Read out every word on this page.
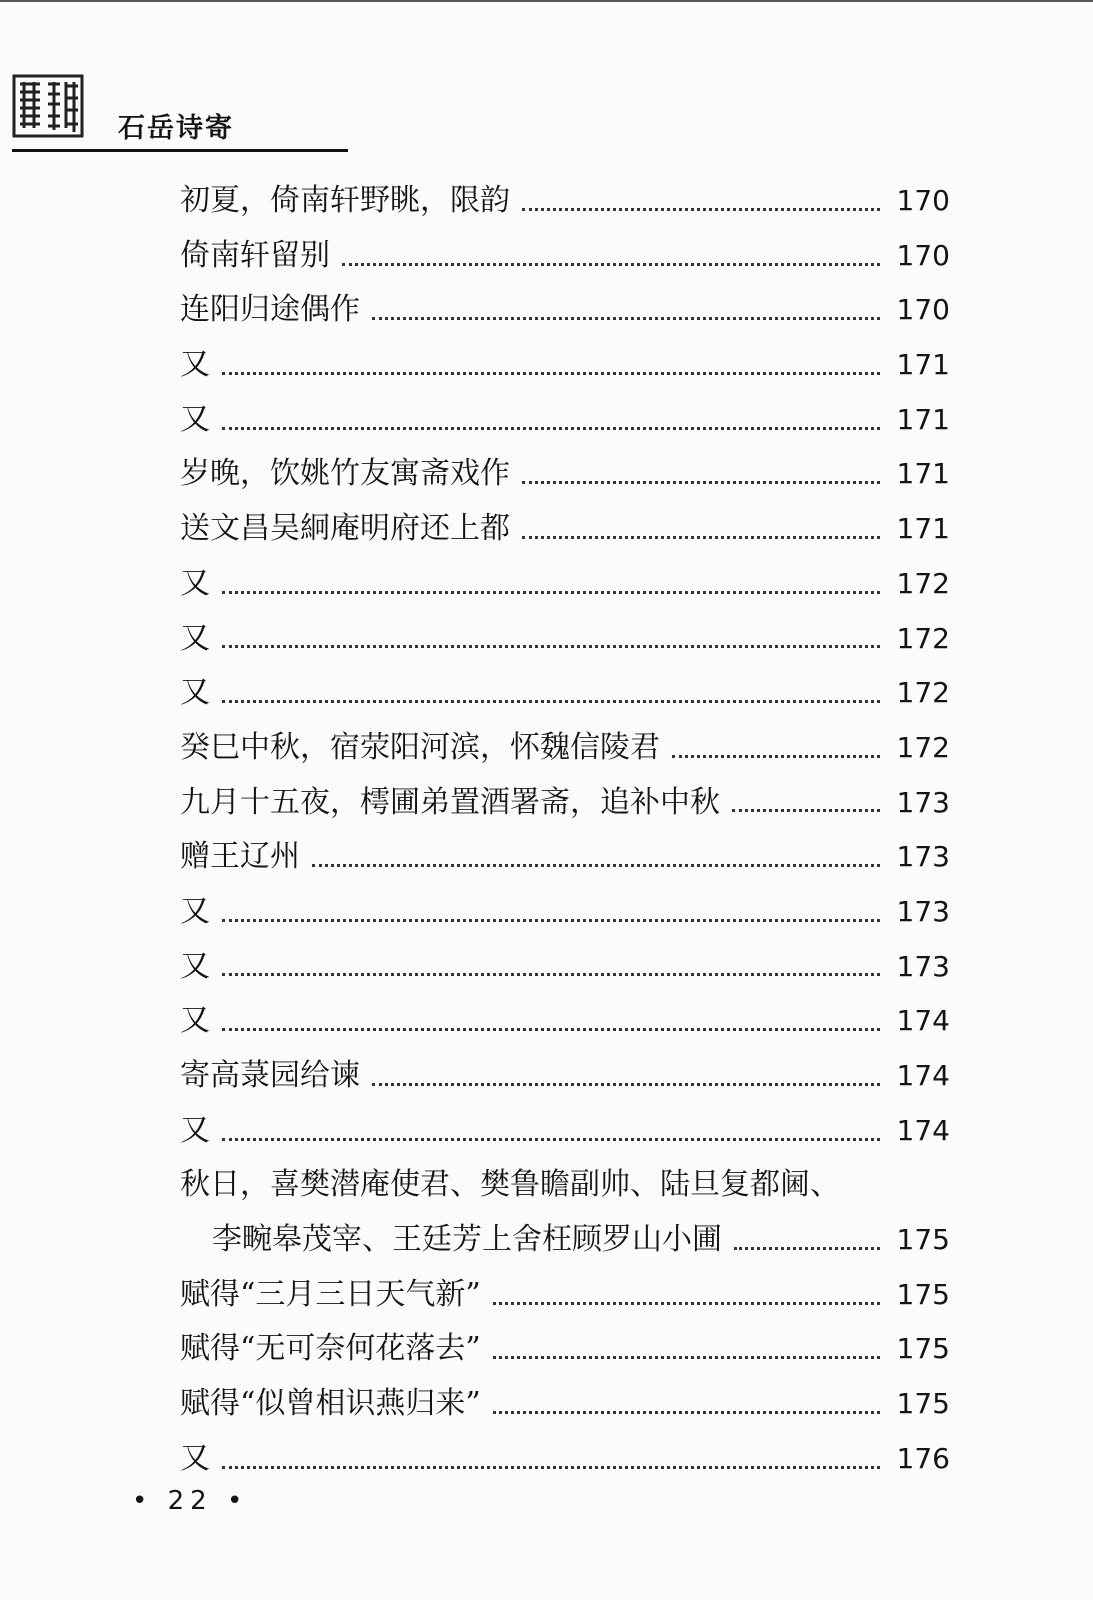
石岳诗寄
初夏，倚南轩野眺，限韵	170
倚南轩留别	170
连阳归途偶作	170
又	171
又	171
岁晚，饮姚竹友寓斋戏作	171
送文昌吴絅庵明府还上都	171
又	172
又	172
又	172
癸巳中秋，宿荥阳河滨，怀魏信陵君	172
九月十五夜，樗圃弟置酒署斋，追补中秋	173
赠王辽州	173
又	173
又	173
又	174
寄高菉园给谏	174
又	174
秋日，喜樊潜庵使君、樊鲁瞻副帅、陆旦复都阃、
李畹皋茂宰、王廷芳上舍枉顾罗山小圃	175
赋得“三月三日天气新”	175
赋得“无可奈何花落去”	175
赋得“似曾相识燕归来”	175
又	176
• 22 •
